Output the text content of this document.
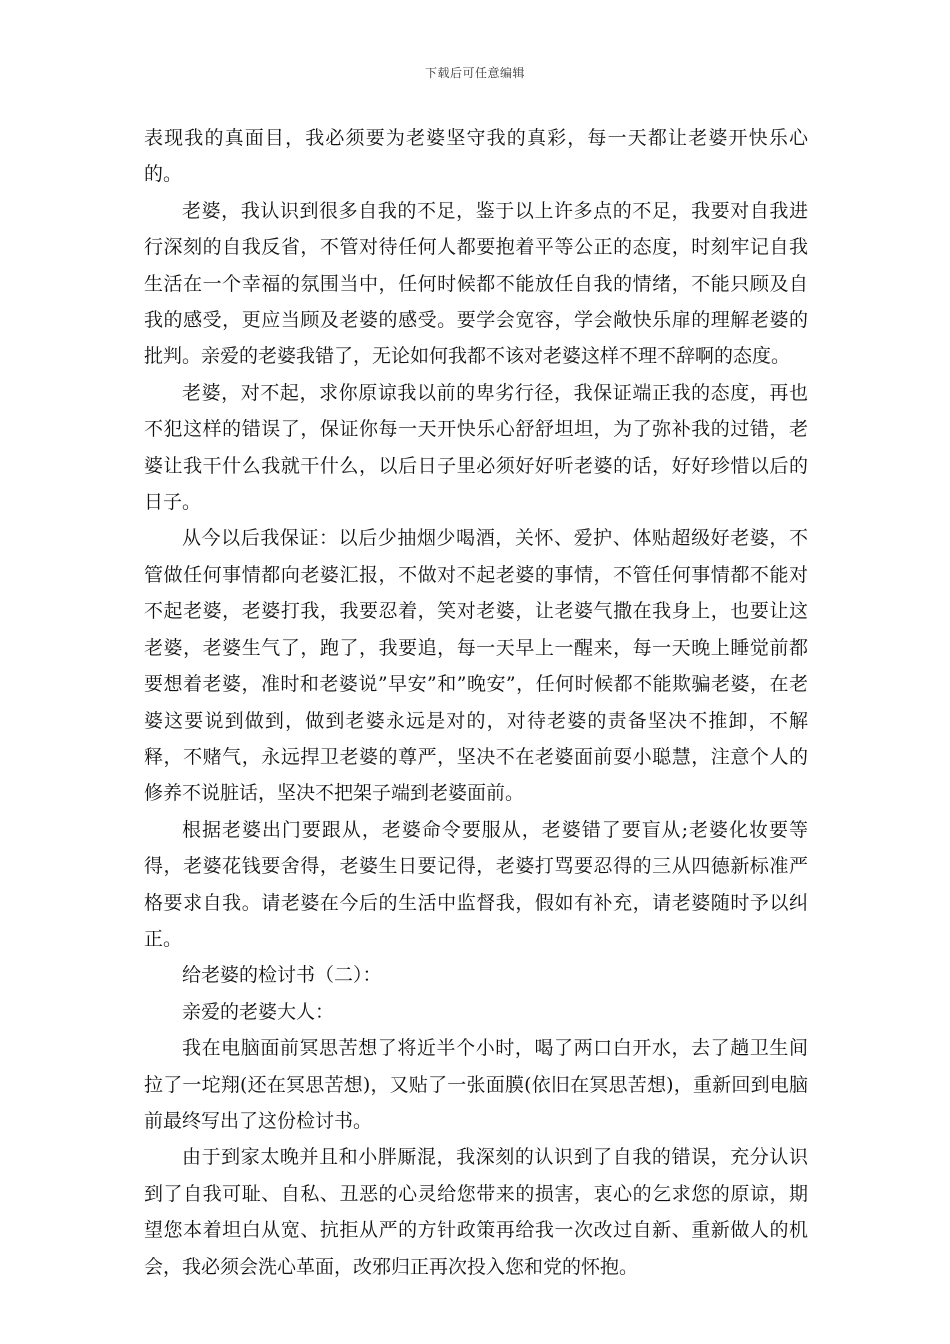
下载后可任意编辑

表现我的真面目，我必须要为老婆坚守我的真彩，每一天都让老婆开快乐心的。

老婆，我认识到很多自我的不足，鉴于以上许多点的不足，我要对自我进行深刻的自我反省，不管对待任何人都要抱着平等公正的态度，时刻牢记自我生活在一个幸福的氛围当中，任何时候都不能放任自我的情绪，不能只顾及自我的感受，更应当顾及老婆的感受。要学会宽容，学会敞快乐扉的理解老婆的批判。亲爱的老婆我错了，无论如何我都不该对老婆这样不理不辞啊的态度。

老婆，对不起，求你原谅我以前的卑劣行径，我保证端正我的态度，再也不犯这样的错误了，保证你每一天开快乐心舒舒坦坦，为了弥补我的过错，老婆让我干什么我就干什么，以后日子里必须好好听老婆的话，好好珍惜以后的日子。

从今以后我保证：以后少抽烟少喝酒，关怀、爱护、体贴超级好老婆，不管做任何事情都向老婆汇报，不做对不起老婆的事情，不管任何事情都不能对不起老婆，老婆打我，我要忍着，笑对老婆，让老婆气撒在我身上，也要让这老婆，老婆生气了，跑了，我要追，每一天早上一醒来，每一天晚上睡觉前都要想着老婆，准时和老婆说”早安”和”晚安”，任何时候都不能欺骗老婆，在老婆这要说到做到，做到老婆永远是对的，对待老婆的责备坚决不推卸，不解释，不赌气，永远捍卫老婆的尊严，坚决不在老婆面前耍小聪慧，注意个人的修养不说脏话，坚决不把架子端到老婆面前。

根据老婆出门要跟从，老婆命令要服从，老婆错了要盲从;老婆化妆要等得，老婆花钱要舍得，老婆生日要记得，老婆打骂要忍得的三从四德新标准严格要求自我。请老婆在今后的生活中监督我，假如有补充，请老婆随时予以纠正。

给老婆的检讨书（二）：

亲爱的老婆大人：

我在电脑面前冥思苦想了将近半个小时，喝了两口白开水，去了趟卫生间拉了一坨翔(还在冥思苦想)，又贴了一张面膜(依旧在冥思苦想)，重新回到电脑前最终写出了这份检讨书。

由于到家太晚并且和小胖厮混，我深刻的认识到了自我的错误，充分认识到了自我可耻、自私、丑恶的心灵给您带来的损害，衷心的乞求您的原谅，期望您本着坦白从宽、抗拒从严的方针政策再给我一次改过自新、重新做人的机会，我必须会洗心革面，改邪归正再次投入您和党的怀抱。
